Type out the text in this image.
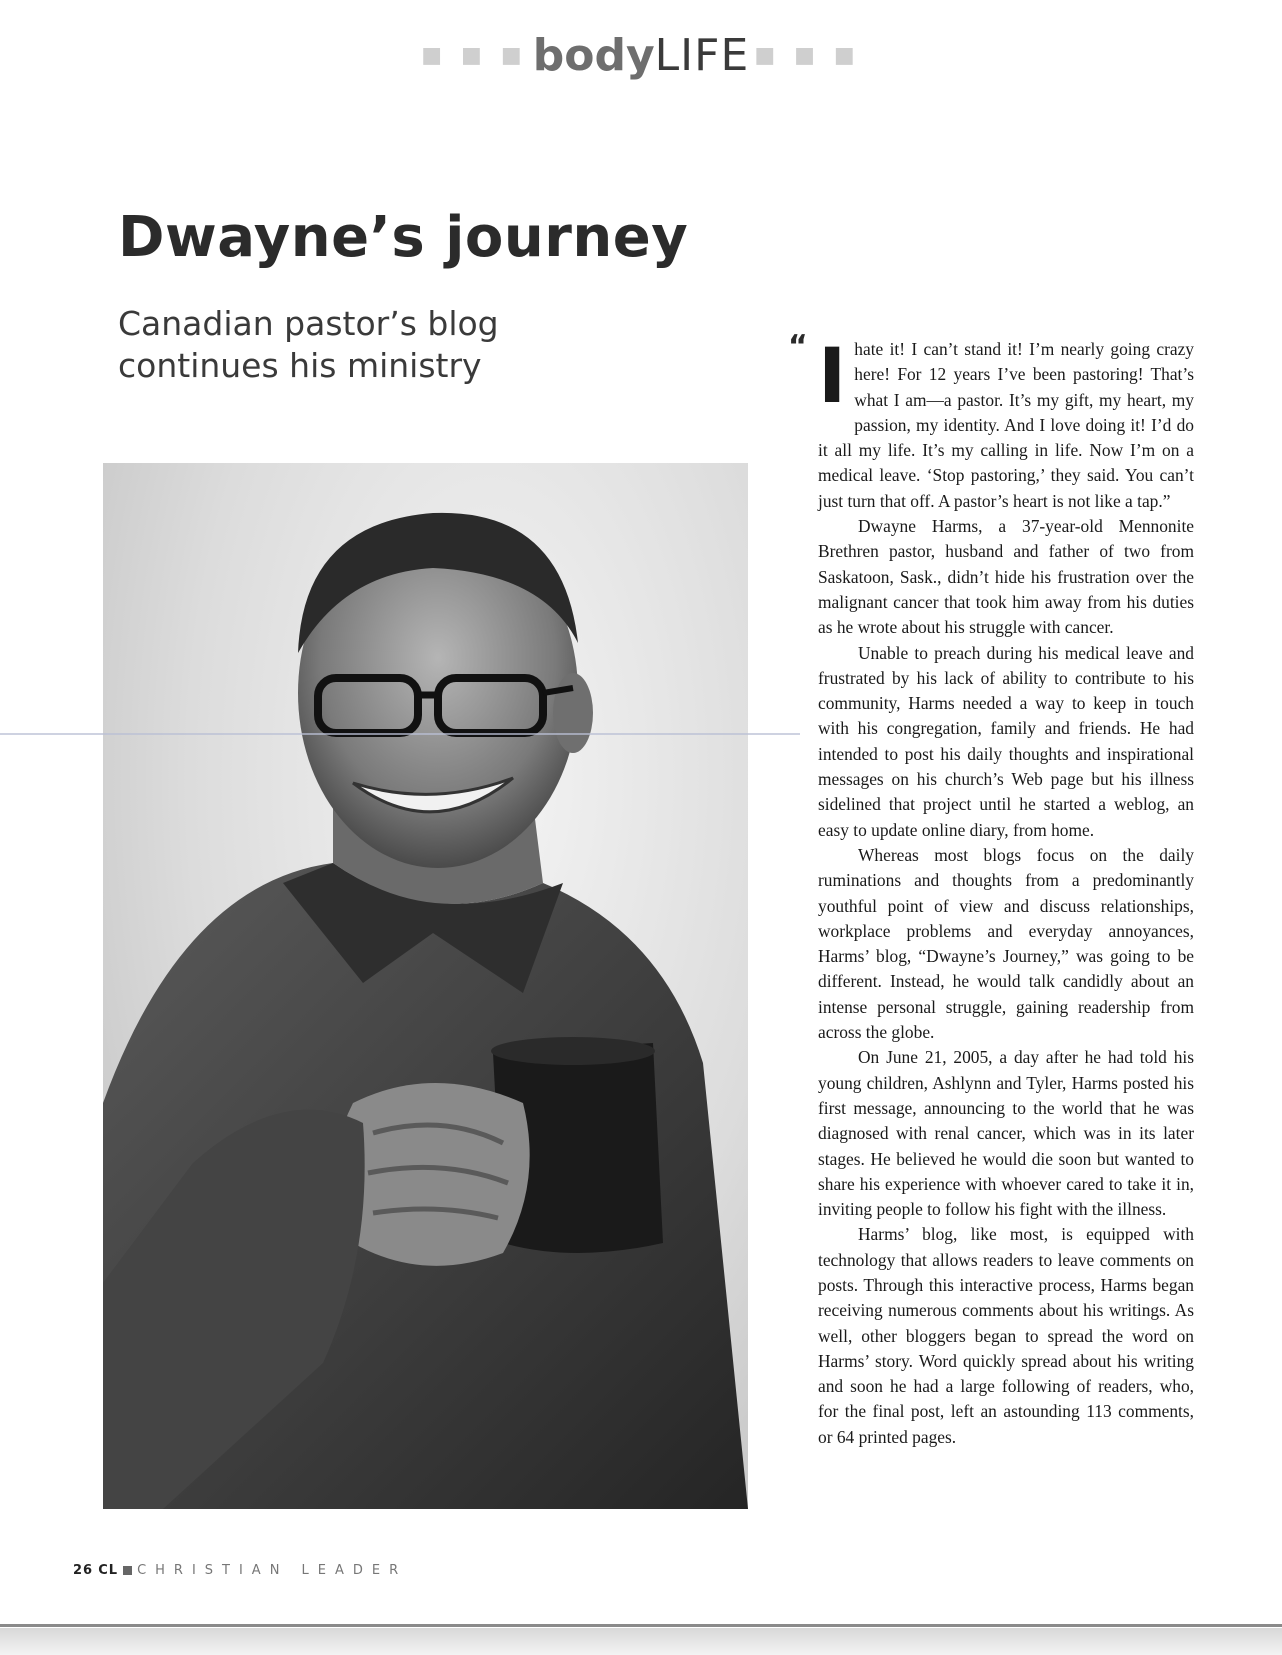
■ ■ ■ bodyLIFE ■ ■ ■
Dwayne’s journey
Canadian pastor’s blog
continues his ministry	“ Ihate it! I can’t stand it! I’m nearly going crazy here! For 12 years I’ve been pastoring! That’s what I am—a pastor. It’s my gift, my heart, my passion, my identity. And I love doing it! I’d do it all my life. It’s my calling in life. Now I’m on a medical leave. ‘Stop pastoring,’ they said. You can’t just turn that off. A pastor’s heart is not like a tap.”

Dwayne Harms, a 37-year-old Mennonite Brethren pastor, husband and father of two from Saskatoon, Sask., didn’t hide his frustration over the malignant cancer that took him away from his duties as he wrote about his struggle with cancer.

Unable to preach during his medical leave and frustrated by his lack of ability to contribute to his community, Harms needed a way to keep in touch with his congregation, family and friends. He had intended to post his daily thoughts and inspirational messages on his church’s Web page but his illness sidelined that project until he started a weblog, an easy to update online diary, from home.

Whereas most blogs focus on the daily ruminations and thoughts from a predominantly youthful point of view and discuss relationships, workplace problems and everyday annoyances, Harms’ blog, “Dwayne’s Journey,” was going to be different. Instead, he would talk candidly about an intense personal struggle, gaining readership from across the globe.

On June 21, 2005, a day after he had told his young children, Ashlynn and Tyler, Harms posted his first message, announcing to the world that he was diagnosed with renal cancer, which was in its later stages. He believed he would die soon but wanted to share his experience with whoever cared to take it in, inviting people to follow his fight with the illness.

Harms’ blog, like most, is equipped with technology that allows readers to leave comments on posts. Through this interactive process, Harms began receiving numerous comments about his writings. As well, other bloggers began to spread the word on Harms’ story. Word quickly spread about his writing and soon he had a large following of readers, who, for the final post, left an astounding 113 comments, or 64 printed pages.

26 CL CHRISTIAN LEADER
